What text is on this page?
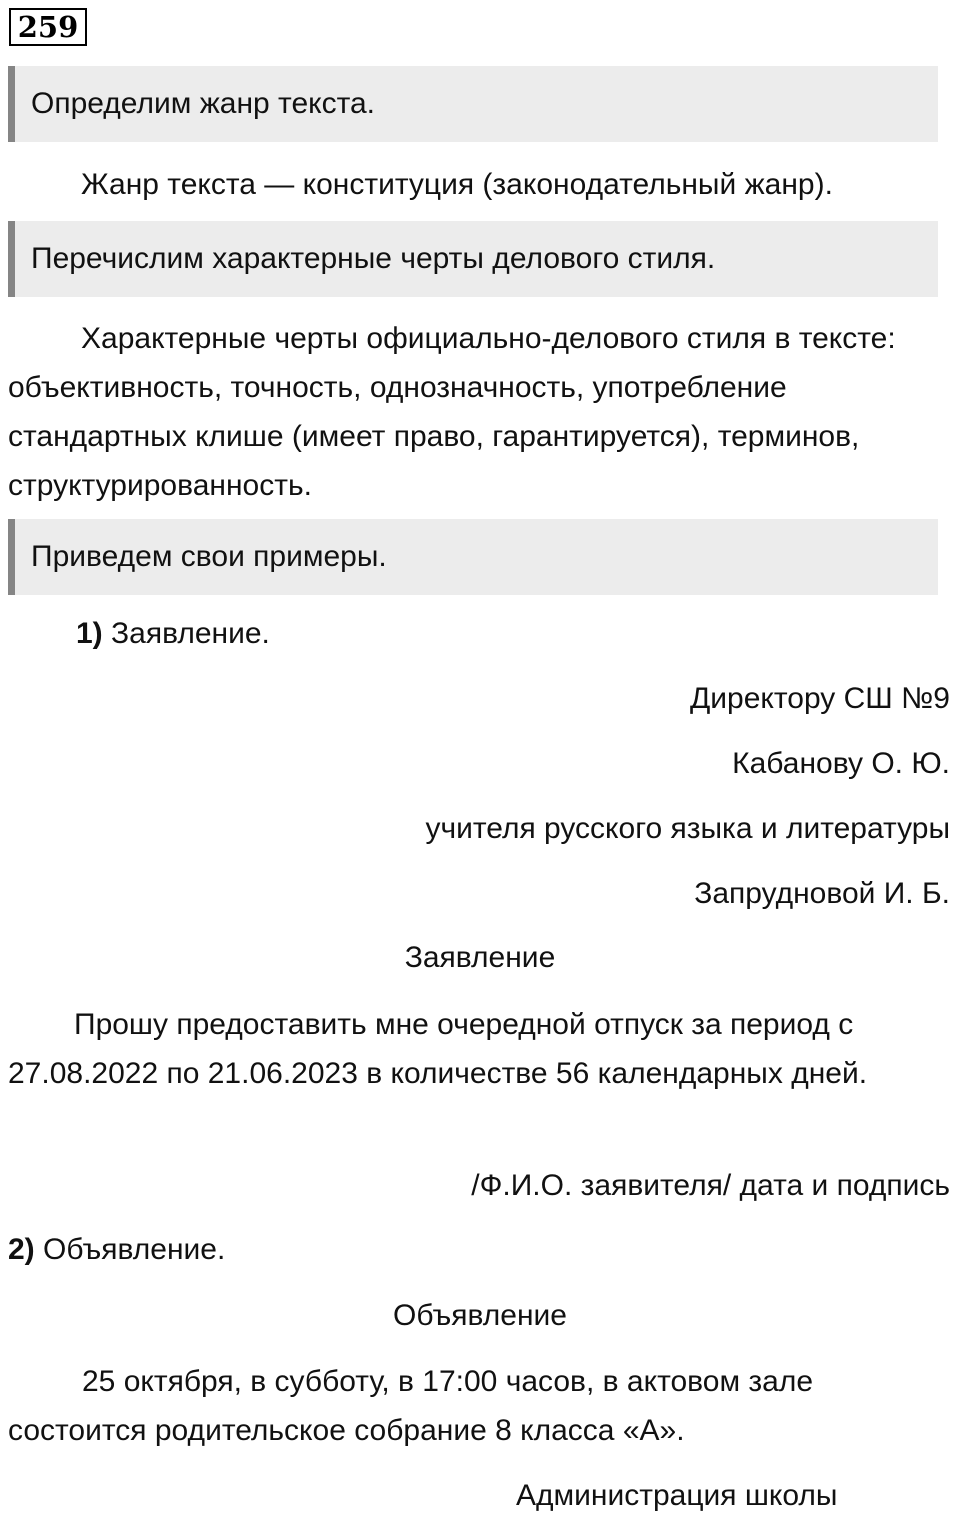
259
Определим жанр текста.
Жанр текста — конституция (законодательный жанр).
Перечислим характерные черты делового стиля.
Характерные черты официально-делового стиля в тексте: объективность, точность, однозначность, употребление стандартных клише (имеет право, гарантируется), терминов, структурированность.
Приведем свои примеры.
1) Заявление.
Директору СШ №9
Кабанову О. Ю.
учителя русского языка и литературы
Запрудновой И. Б.
Заявление
Прошу предоставить мне очередной отпуск за период с 27.08.2022 по 21.06.2023 в количестве 56 календарных дней.
/Ф.И.О. заявителя/ дата и подпись
2) Объявление.
Объявление
25 октября, в субботу, в 17:00 часов, в актовом зале состоится родительское собрание 8 класса «А».
Администрация школы
